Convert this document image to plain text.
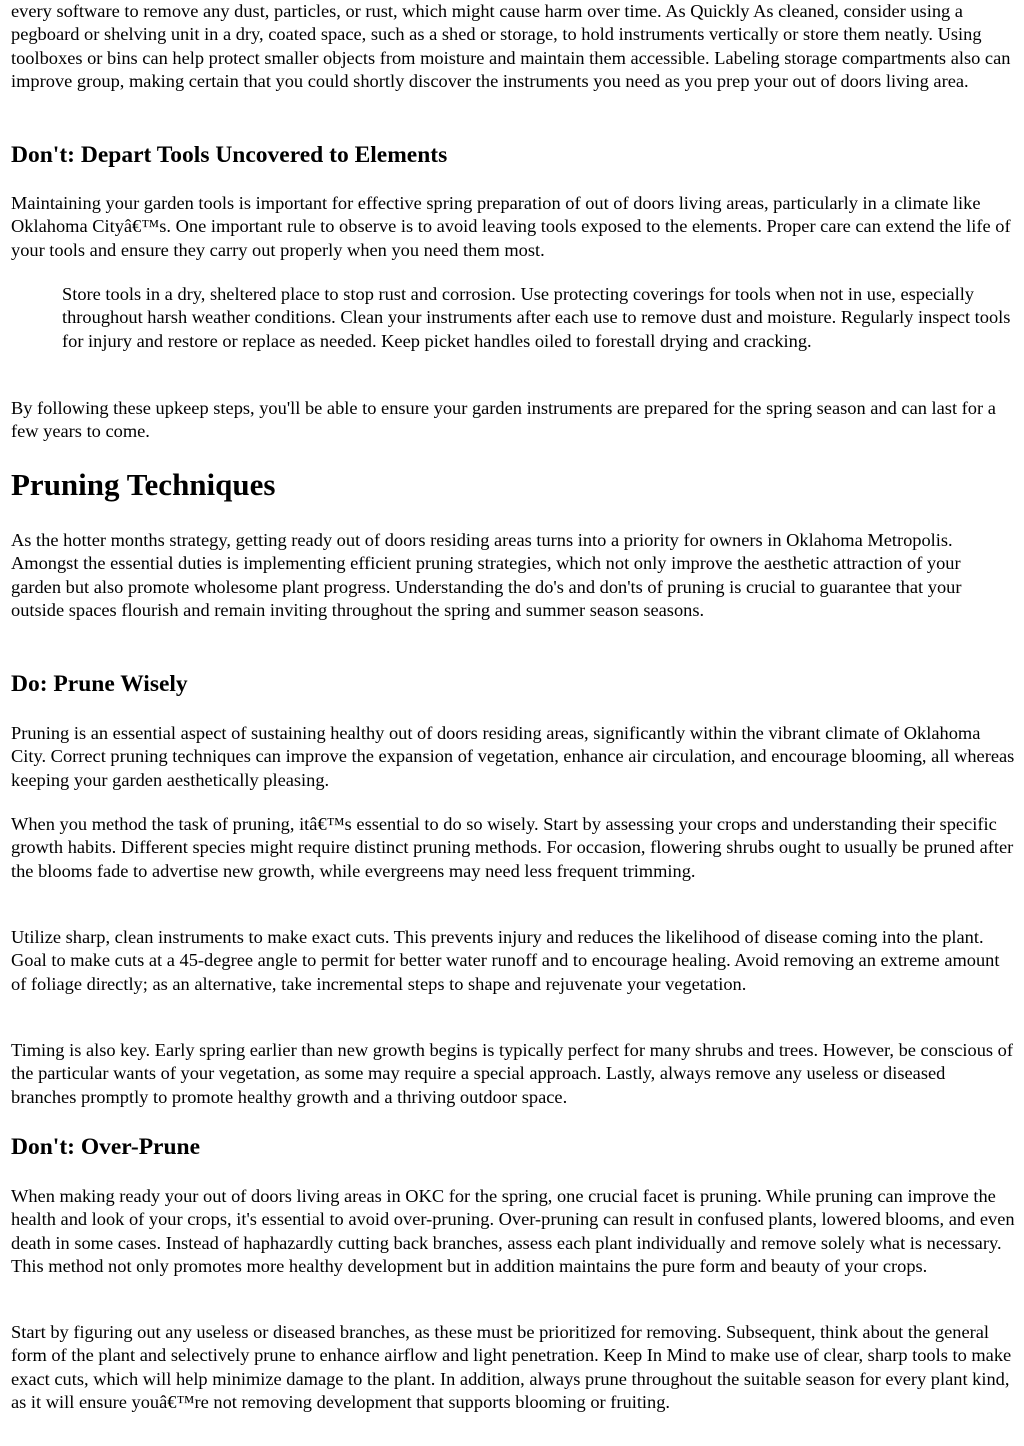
every software to remove any dust, particles, or rust, which might cause harm over time. As Quickly As cleaned, consider using a pegboard or shelving unit in a dry, coated space, such as a shed or storage, to hold instruments vertically or store them neatly. Using toolboxes or bins can help protect smaller objects from moisture and maintain them accessible. Labeling storage compartments also can improve group, making certain that you could shortly discover the instruments you need as you prep your out of doors living area.

Don't: Depart Tools Uncovered to Elements

Maintaining your garden tools is important for effective spring preparation of out of doors living areas, particularly in a climate like Oklahoma Cityâ€™s. One important rule to observe is to avoid leaving tools exposed to the elements. Proper care can extend the life of your tools and ensure they carry out properly when you need them most.

Store tools in a dry, sheltered place to stop rust and corrosion. Use protecting coverings for tools when not in use, especially throughout harsh weather conditions. Clean your instruments after each use to remove dust and moisture. Regularly inspect tools for injury and restore or replace as needed. Keep picket handles oiled to forestall drying and cracking.

By following these upkeep steps, you'll be able to ensure your garden instruments are prepared for the spring season and can last for a few years to come.

Pruning Techniques

As the hotter months strategy, getting ready out of doors residing areas turns into a priority for owners in Oklahoma Metropolis. Amongst the essential duties is implementing efficient pruning strategies, which not only improve the aesthetic attraction of your garden but also promote wholesome plant progress. Understanding the do's and don'ts of pruning is crucial to guarantee that your outside spaces flourish and remain inviting throughout the spring and summer season seasons.

Do: Prune Wisely

Pruning is an essential aspect of sustaining healthy out of doors residing areas, significantly within the vibrant climate of Oklahoma City. Correct pruning techniques can improve the expansion of vegetation, enhance air circulation, and encourage blooming, all whereas keeping your garden aesthetically pleasing.

When you method the task of pruning, itâ€™s essential to do so wisely. Start by assessing your crops and understanding their specific growth habits. Different species might require distinct pruning methods. For occasion, flowering shrubs ought to usually be pruned after the blooms fade to advertise new growth, while evergreens may need less frequent trimming.

Utilize sharp, clean instruments to make exact cuts. This prevents injury and reduces the likelihood of disease coming into the plant. Goal to make cuts at a 45-degree angle to permit for better water runoff and to encourage healing. Avoid removing an extreme amount of foliage directly; as an alternative, take incremental steps to shape and rejuvenate your vegetation.

Timing is also key. Early spring earlier than new growth begins is typically perfect for many shrubs and trees. However, be conscious of the particular wants of your vegetation, as some may require a special approach. Lastly, always remove any useless or diseased branches promptly to promote healthy growth and a thriving outdoor space.

Don't: Over-Prune

When making ready your out of doors living areas in OKC for the spring, one crucial facet is pruning. While pruning can improve the health and look of your crops, it's essential to avoid over-pruning. Over-pruning can result in confused plants, lowered blooms, and even death in some cases. Instead of haphazardly cutting back branches, assess each plant individually and remove solely what is necessary. This method not only promotes more healthy development but in addition maintains the pure form and beauty of your crops.

Start by figuring out any useless or diseased branches, as these must be prioritized for removing. Subsequent, think about the general form of the plant and selectively prune to enhance airflow and light penetration. Keep In Mind to make use of clear, sharp tools to make exact cuts, which will help minimize damage to the plant. In addition, always prune throughout the suitable season for every plant kind, as it will ensure youâ€™re not removing development that supports blooming or fruiting.
